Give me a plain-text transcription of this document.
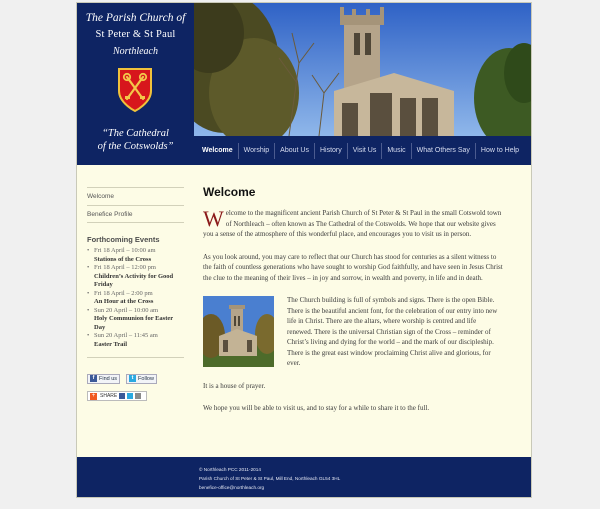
The Parish Church of
St Peter & St Paul
Northleach
“The Cathedral
of the Cotswolds”	Welcome	Worship	About Us	History	Visit Us	Music	What Others Say	How to Help
Welcome
Benefice Profile
Forthcoming Events
• Fri 18 April – 10:00 am
Stations of the Cross
• Fri 18 April – 12:00 pm
Children’s Activity for Good Friday
• Fri 18 April – 2:00 pm
An Hour at the Cross
• Sun 20 April – 10:00 am
Holy Communion for Easter Day
• Sun 20 April – 11:45 am
Easter Trail
f Find us
	t Follow
+ SHARE
Welcome

Welcome to the magnificent ancient Parish Church of St Peter & St Paul in the small Cotswold town of Northleach – often known as The Cathedral of the Cotswolds. We hope that our website gives you a sense of the atmosphere of this wonderful place, and encourages you to visit us in person.

As you look around, you may care to reflect that our Church has stood for centuries as a silent witness to the faith of countless generations who have sought to worship God faithfully, and have seen in Jesus Christ the clue to the meaning of their lives – in joy and sorrow, in wealth and poverty, in life and in death.

The Church building is full of symbols and signs. There is the open Bible. There is the beautiful ancient font, for the celebration of our entry into new life in Christ. There are the altars, where worship is centred and life renewed. There is the universal Christian sign of the Cross – reminder of Christ’s living and dying for the world – and the mark of our discipleship. There is the great east window proclaiming Christ alive and glorious, for ever.

It is a house of prayer.

We hope you will be able to visit us, and to stay for a while to share it to the full.

© Northleach PCC 2011-2014
Parish Church of St Peter & St Paul, Mill End, Northleach GL54 3HL
benefice-office@northleach.org
